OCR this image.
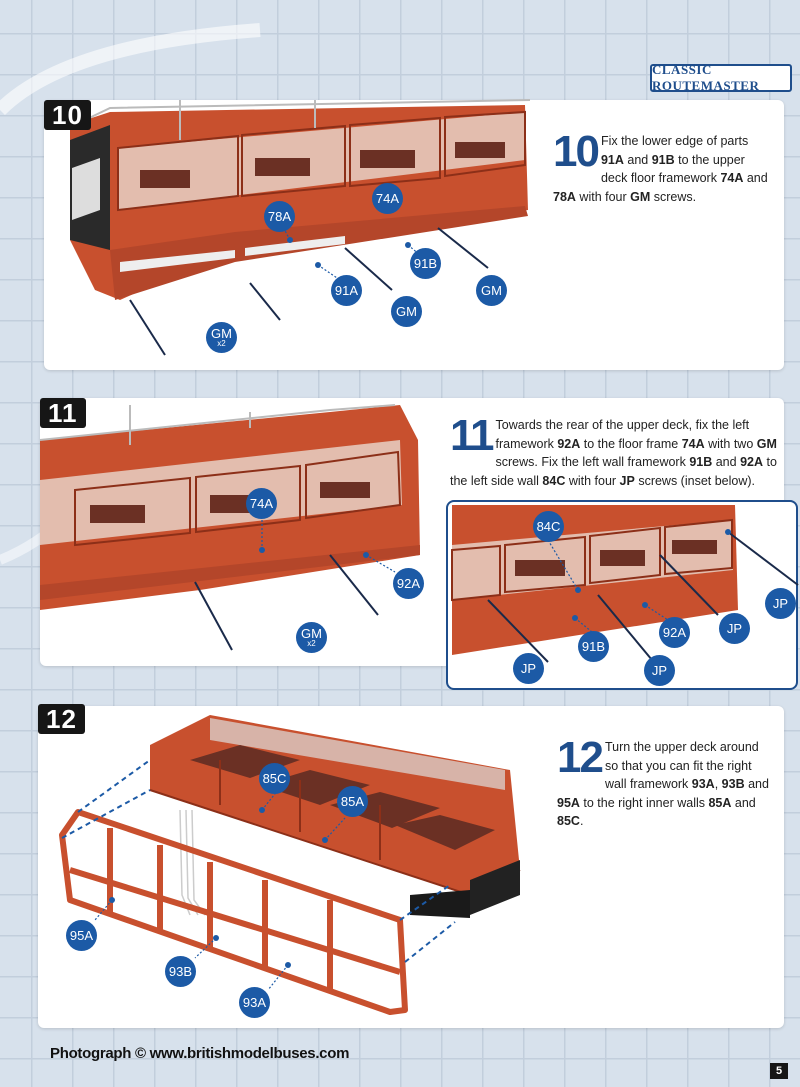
CLASSIC ROUTEMASTER
10
78A
74A
91B
91A	GM
GM
GM
x2
10 Fix the lower edge of parts 91A and 91B to the upper deck floor framework 74A and 78A with four GM screws.
11
74A
92A
GM
x2
11 Towards the rear of the upper deck, fix the left framework 92A to the floor frame 74A with two GM screws. Fix the left wall framework 91B and 92A to the left side wall 84C with four JP screws (inset below).
84C
JP
JP
92A
91B
JP	JP
12
85C
85A
95A
93B
93A
12 Turn the upper deck around so that you can fit the right wall framework 93A, 93B and 95A to the right inner walls 85A and 85C.
Photograph © www.britishmodelbuses.com
5
